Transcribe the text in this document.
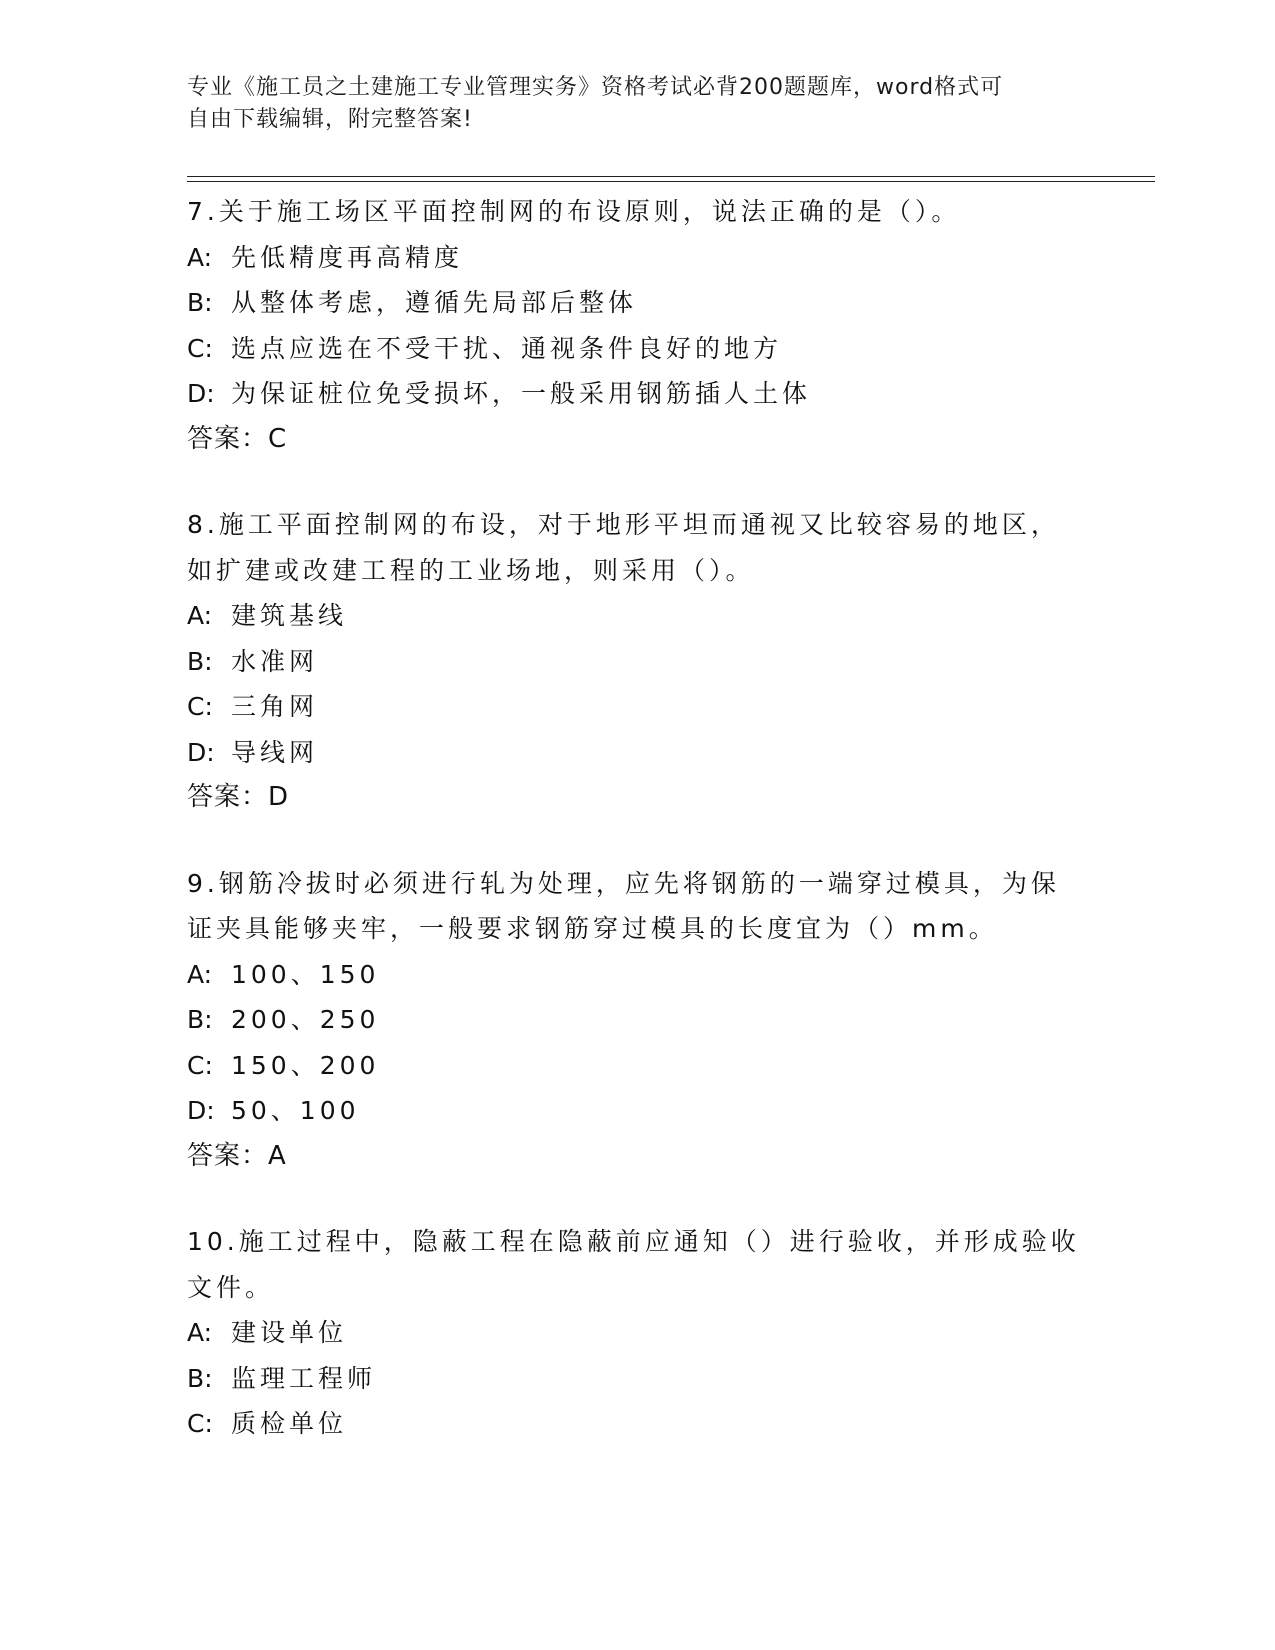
专业《施工员之土建施工专业管理实务》资格考试必背200题题库，word格式可
自由下载编辑，附完整答案!
7.关于施工场区平面控制网的布设原则，说法正确的是（）。
A: 先低精度再高精度
B: 从整体考虑，遵循先局部后整体
C: 选点应选在不受干扰、通视条件良好的地方
D: 为保证桩位免受损坏，一般采用钢筋插人土体
答案：C
8.施工平面控制网的布设，对于地形平坦而通视又比较容易的地区，
如扩建或改建工程的工业场地，则采用（）。
A: 建筑基线
B: 水准网
C: 三角网
D: 导线网
答案：D
9.钢筋冷拔时必须进行轧为处理，应先将钢筋的一端穿过模具，为保
证夹具能够夹牢，一般要求钢筋穿过模具的长度宜为（）mm。
A: 100、150
B: 200、250
C: 150、200
D: 50、100
答案：A
10.施工过程中，隐蔽工程在隐蔽前应通知（）进行验收，并形成验收
文件。
A: 建设单位
B: 监理工程师
C: 质检单位
